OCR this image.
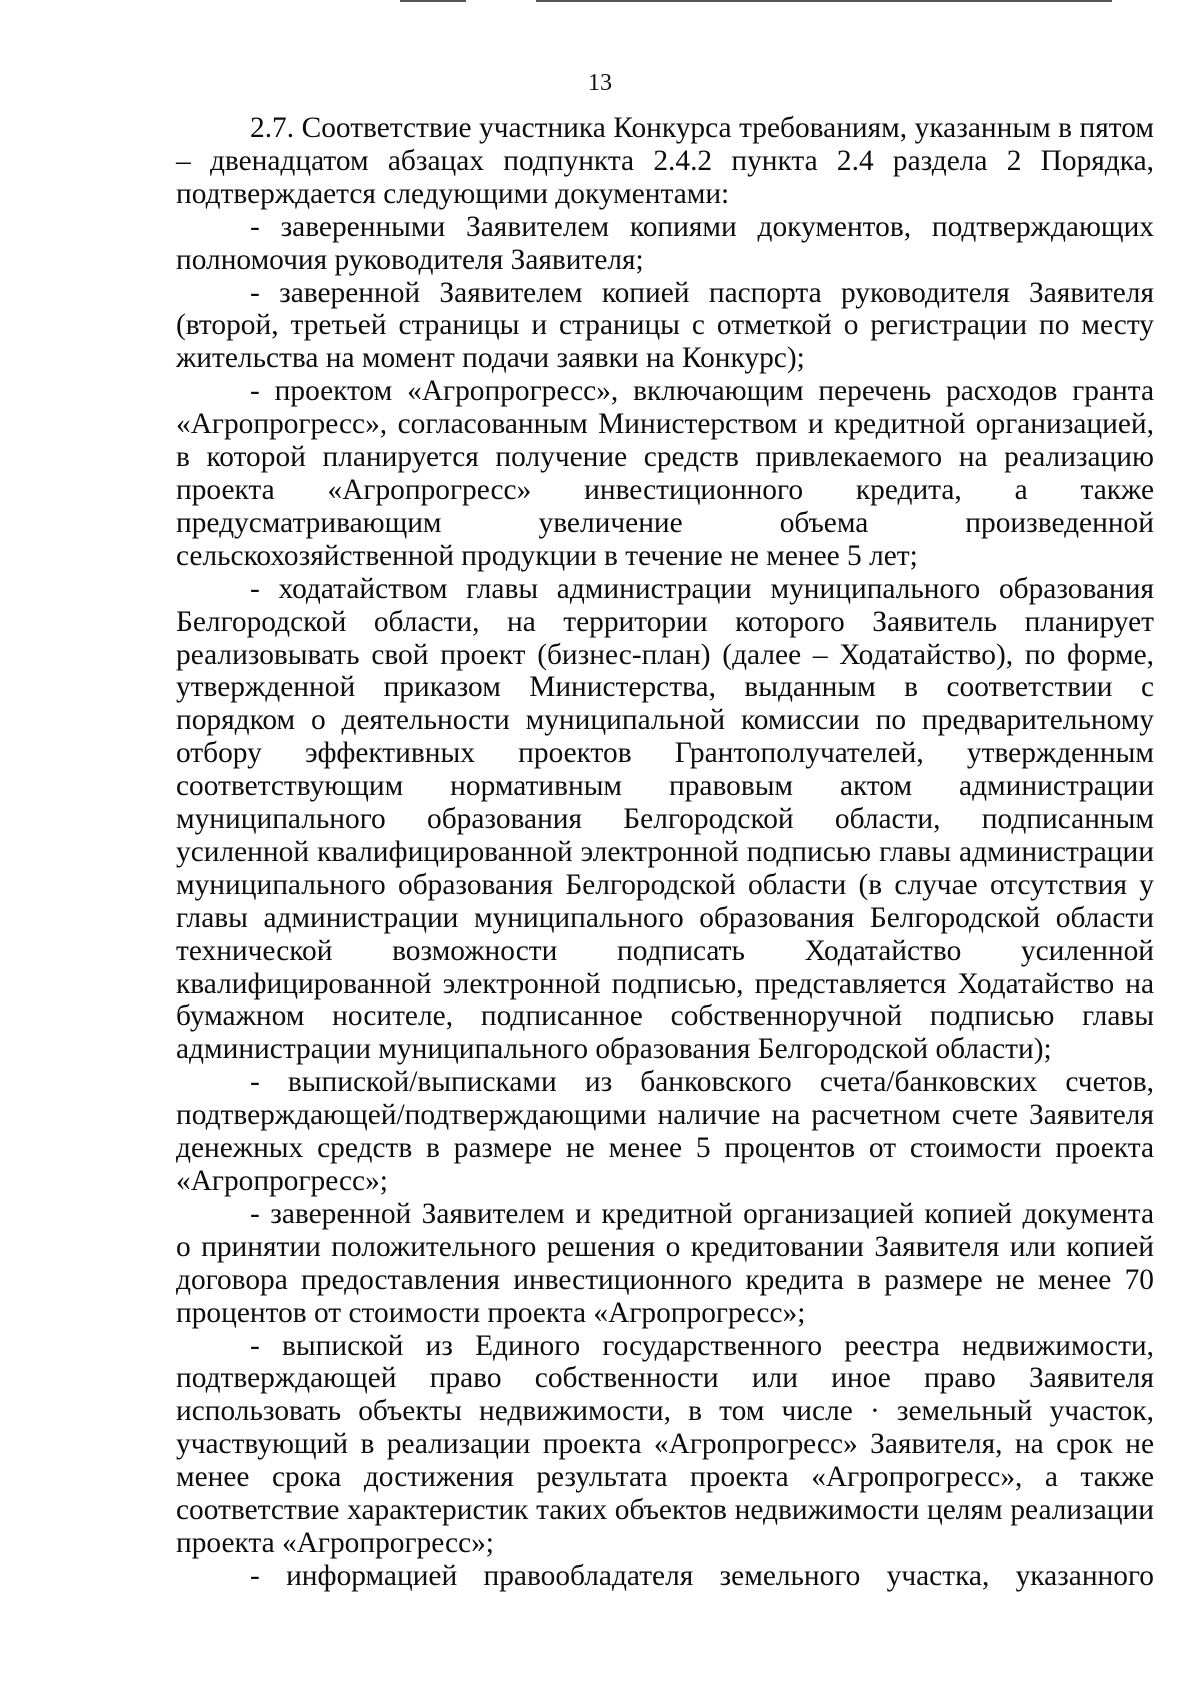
13

2.7. Соответствие участника Конкурса требованиям, указанным в пятом – двенадцатом абзацах подпункта 2.4.2 пункта 2.4 раздела 2 Порядка, подтверждается следующими документами:

- заверенными Заявителем копиями документов, подтверждающих полномочия руководителя Заявителя;

- заверенной Заявителем копией паспорта руководителя Заявителя (второй, третьей страницы и страницы с отметкой о регистрации по месту жительства на момент подачи заявки на Конкурс);

- проектом «Агропрогресс», включающим перечень расходов гранта «Агропрогресс», согласованным Министерством и кредитной организацией, в которой планируется получение средств привлекаемого на реализацию проекта «Агропрогресс» инвестиционного кредита, а также предусматривающим увеличение объема произведенной сельскохозяйственной продукции в течение не менее 5 лет;

- ходатайством главы администрации муниципального образования Белгородской области, на территории которого Заявитель планирует реализовывать свой проект (бизнес-план) (далее – Ходатайство), по форме, утвержденной приказом Министерства, выданным в соответствии с порядком о деятельности муниципальной комиссии по предварительному отбору эффективных проектов Грантополучателей, утвержденным соответствующим нормативным правовым актом администрации муниципального образования Белгородской области, подписанным усиленной квалифицированной электронной подписью главы администрации муниципального образования Белгородской области (в случае отсутствия у главы администрации муниципального образования Белгородской области технической возможности подписать Ходатайство усиленной квалифицированной электронной подписью, представляется Ходатайство на бумажном носителе, подписанное собственноручной подписью главы администрации муниципального образования Белгородской области);

- выпиской/выписками из банковского счета/банковских счетов, подтверждающей/подтверждающими наличие на расчетном счете Заявителя денежных средств в размере не менее 5 процентов от стоимости проекта «Агропрогресс»;

- заверенной Заявителем и кредитной организацией копией документа о принятии положительного решения о кредитовании Заявителя или копией договора предоставления инвестиционного кредита в размере не менее 70 процентов от стоимости проекта «Агропрогресс»;

- выпиской из Единого государственного реестра недвижимости, подтверждающей право собственности или иное право Заявителя использовать объекты недвижимости, в том числе · земельный участок, участвующий в реализации проекта «Агропрогресс» Заявителя, на срок не менее срока достижения результата проекта «Агропрогресс», а также соответствие характеристик таких объектов недвижимости целям реализации проекта «Агропрогресс»;

- информацией правообладателя земельного участка, указанного
